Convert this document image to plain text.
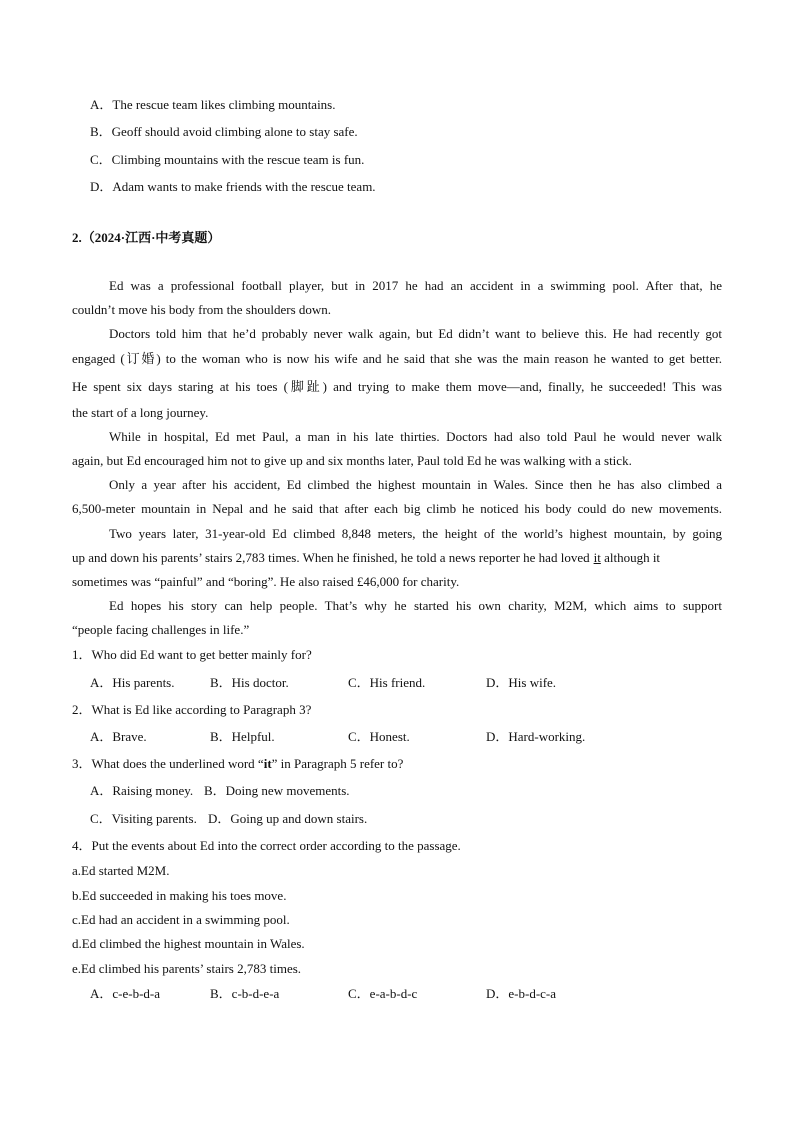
A．The rescue team likes climbing mountains.
B．Geoff should avoid climbing alone to stay safe.
C．Climbing mountains with the rescue team is fun.
D．Adam wants to make friends with the rescue team.
2.（2024·江西·中考真题）
Ed was a professional football player, but in 2017 he had an accident in a swimming pool. After that, he
couldn’t move his body from the shoulders down.
Doctors told him that he’d probably never walk again, but Ed didn’t want to believe this. He had recently got
engaged (订婚) to the woman who is now his wife and he said that she was the main reason he wanted to get better.
He spent six days staring at his toes (脚趾) and trying to make them move—and, finally, he succeeded! This was
the start of a long journey.
While in hospital, Ed met Paul, a man in his late thirties. Doctors had also told Paul he would never walk
again, but Ed encouraged him not to give up and six months later, Paul told Ed he was walking with a stick.
Only a year after his accident, Ed climbed the highest mountain in Wales. Since then he has also climbed a
6,500-meter mountain in Nepal and he said that after each big climb he noticed his body could do new movements.
Two years later, 31-year-old Ed climbed 8,848 meters, the height of the world’s highest mountain, by going
up and down his parents’ stairs 2,783 times. When he finished, he told a news reporter he had loved it although it
sometimes was “painful” and “boring”. He also raised £46,000 for charity.
Ed hopes his story can help people. That’s why he started his own charity, M2M, which aims to support
“people facing challenges in life.”
1．Who did Ed want to get better mainly for?
A．His parents.	B．His doctor.	C．His friend.	D．His wife.
2．What is Ed like according to Paragraph 3?
A．Brave.	B．Helpful.	C．Honest.	D．Hard-working.
3．What does the underlined word “it” in Paragraph 5 refer to?
A．Raising money. B．Doing new movements.
C．Visiting parents. D．Going up and down stairs.
4．Put the events about Ed into the correct order according to the passage.
a.Ed started M2M.
b.Ed succeeded in making his toes move.
c.Ed had an accident in a swimming pool.
d.Ed climbed the highest mountain in Wales.
e.Ed climbed his parents’ stairs 2,783 times.
A．c-e-b-d-a	B．c-b-d-e-a	C．e-a-b-d-c	D．e-b-d-c-a
